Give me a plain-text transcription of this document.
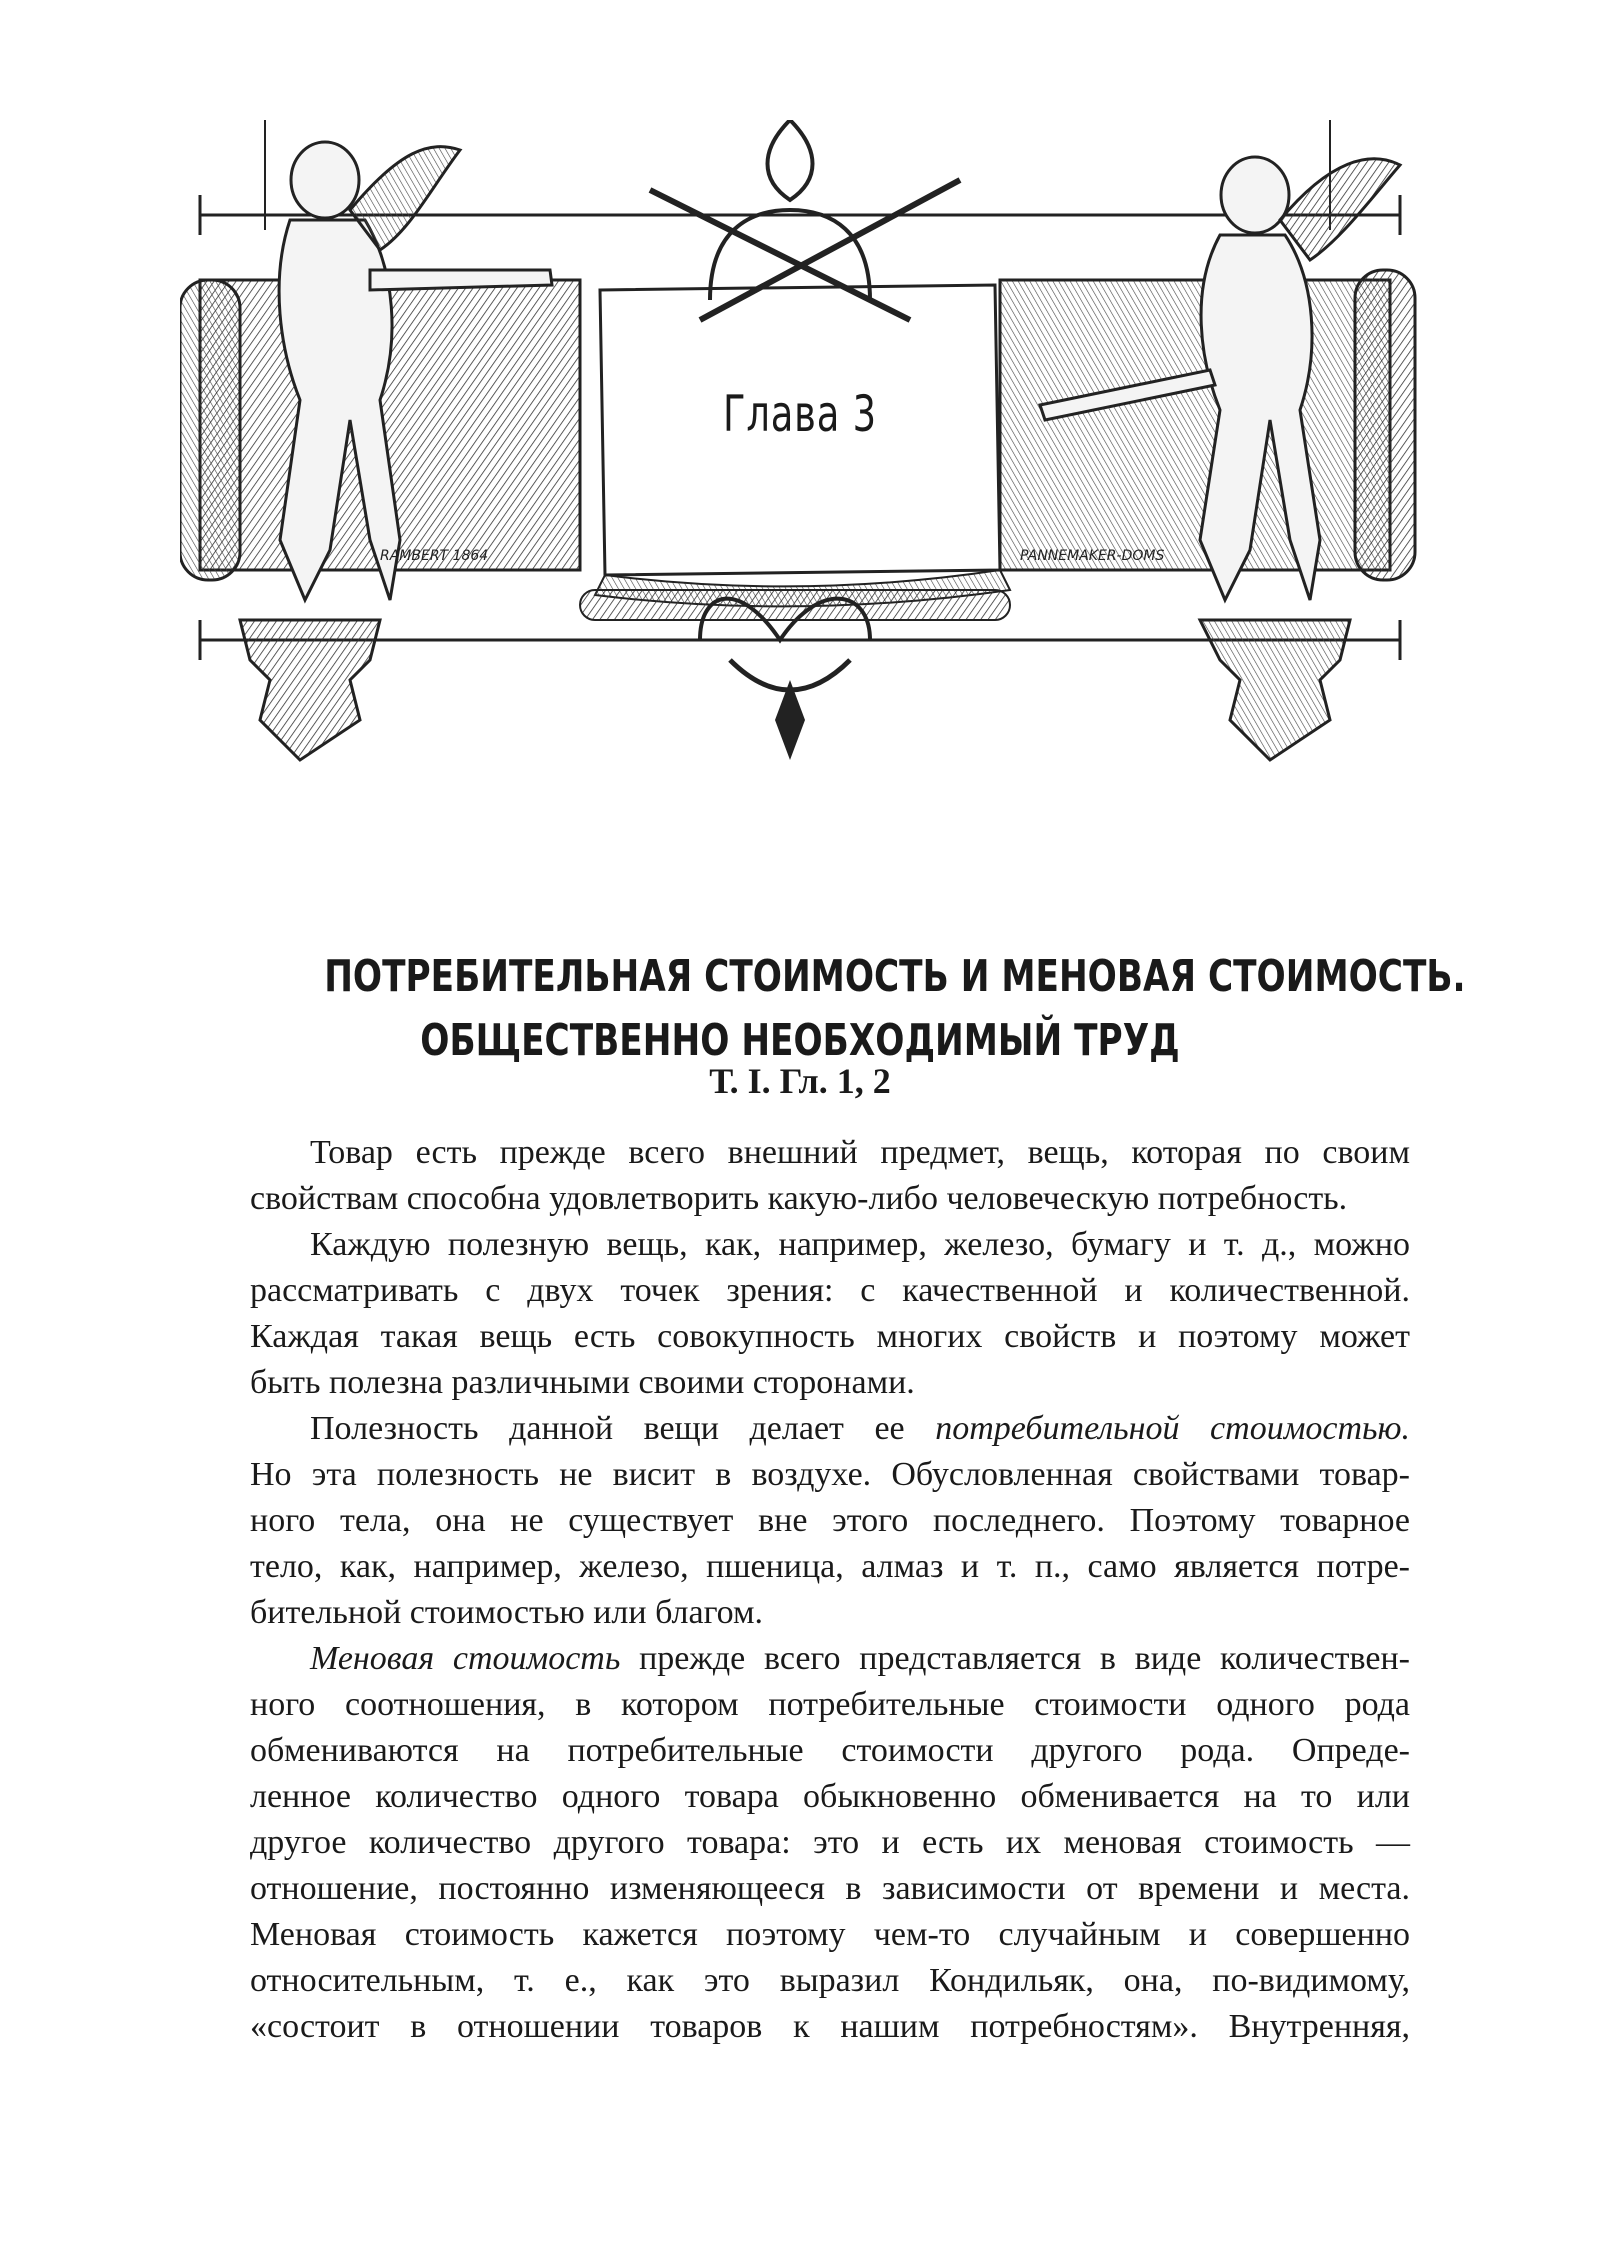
RAMBERT 1864	PANNEMAKER-DOMS
Глава 3
ПОТРЕБИТЕЛЬНАЯ СТОИМОСТЬ И МЕНОВАЯ СТОИМОСТЬ.
ОБЩЕСТВЕННО НЕОБХОДИМЫЙ ТРУД
Т. I. Гл. 1, 2

Товар есть прежде всего внешний предмет, вещь, которая по своим
свойствам способна удовлетворить какую-либо человеческую потребность.

Каждую полезную вещь, как, например, железо, бумагу и т. д., можно
рассматривать с двух точек зрения: с качественной и количественной.
Каждая такая вещь есть совокупность многих свойств и поэтому может
быть полезна различными своими сторонами.

Полезность данной вещи делает ее потребительной стоимостью.
Но эта полезность не висит в воздухе. Обусловленная свойствами товар-
ного тела, она не существует вне этого последнего. Поэтому товарное
тело, как, например, железо, пшеница, алмаз и т. п., само является потре-
бительной стоимостью или благом.

Меновая стоимость прежде всего представляется в виде количествен-
ного соотношения, в котором потребительные стоимости одного рода
обмениваются на потребительные стоимости другого рода. Опреде-
ленное количество одного товара обыкновенно обменивается на то или
другое количество другого товара: это и есть их меновая стоимость —
отношение, постоянно изменяющееся в зависимости от времени и места.
Меновая стоимость кажется поэтому чем-то случайным и совершенно
относительным, т. е., как это выразил Кондильяк, она, по-видимому,
«состоит в отношении товаров к нашим потребностям». Внутренняя,
